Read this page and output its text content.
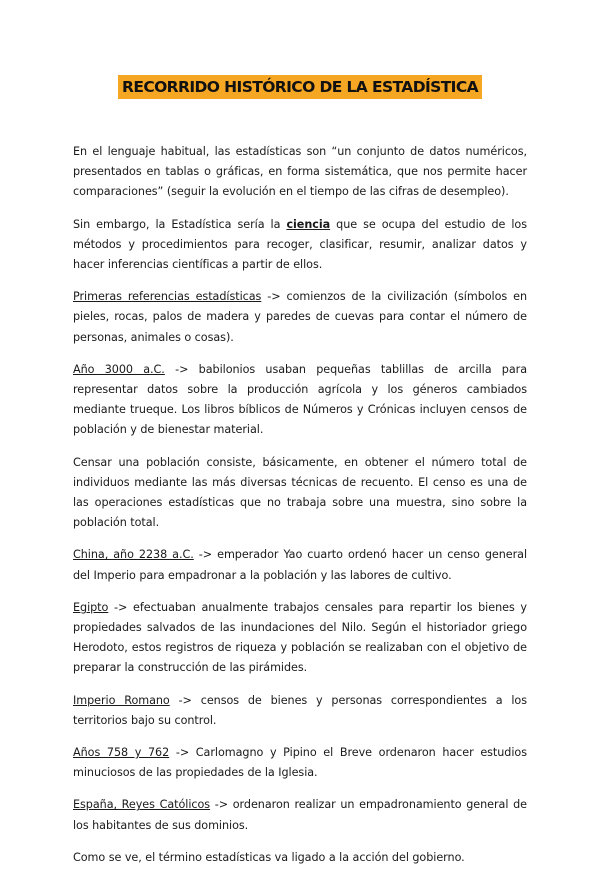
RECORRIDO HISTÓRICO DE LA ESTADÍSTICA

En el lenguaje habitual, las estadísticas son “un conjunto de datos numéricos, presentados en tablas o gráficas, en forma sistemática, que nos permite hacer comparaciones” (seguir la evolución en el tiempo de las cifras de desempleo).

Sin embargo, la Estadística sería la ciencia que se ocupa del estudio de los métodos y procedimientos para recoger, clasificar, resumir, analizar datos y hacer inferencias científicas a partir de ellos.

Primeras referencias estadísticas -> comienzos de la civilización (símbolos en pieles, rocas, palos de madera y paredes de cuevas para contar el número de personas, animales o cosas).

Año 3000 a.C. -> babilonios usaban pequeñas tablillas de arcilla para representar datos sobre la producción agrícola y los géneros cambiados mediante trueque. Los libros bíblicos de Números y Crónicas incluyen censos de población y de bienestar material.

Censar una población consiste, básicamente, en obtener el número total de individuos mediante las más diversas técnicas de recuento. El censo es una de las operaciones estadísticas que no trabaja sobre una muestra, sino sobre la población total.

China, año 2238 a.C. -> emperador Yao cuarto ordenó hacer un censo general del Imperio para empadronar a la población y las labores de cultivo.

Egipto -> efectuaban anualmente trabajos censales para repartir los bienes y propiedades salvados de las inundaciones del Nilo. Según el historiador griego Herodoto, estos registros de riqueza y población se realizaban con el objetivo de preparar la construcción de las pirámides.

Imperio Romano -> censos de bienes y personas correspondientes a los territorios bajo su control.

Años 758 y 762 -> Carlomagno y Pipino el Breve ordenaron hacer estudios minuciosos de las propiedades de la Iglesia.

España, Reyes Católicos -> ordenaron realizar un empadronamiento general de los habitantes de sus dominios.

Como se ve, el término estadísticas va ligado a la acción del gobierno.
